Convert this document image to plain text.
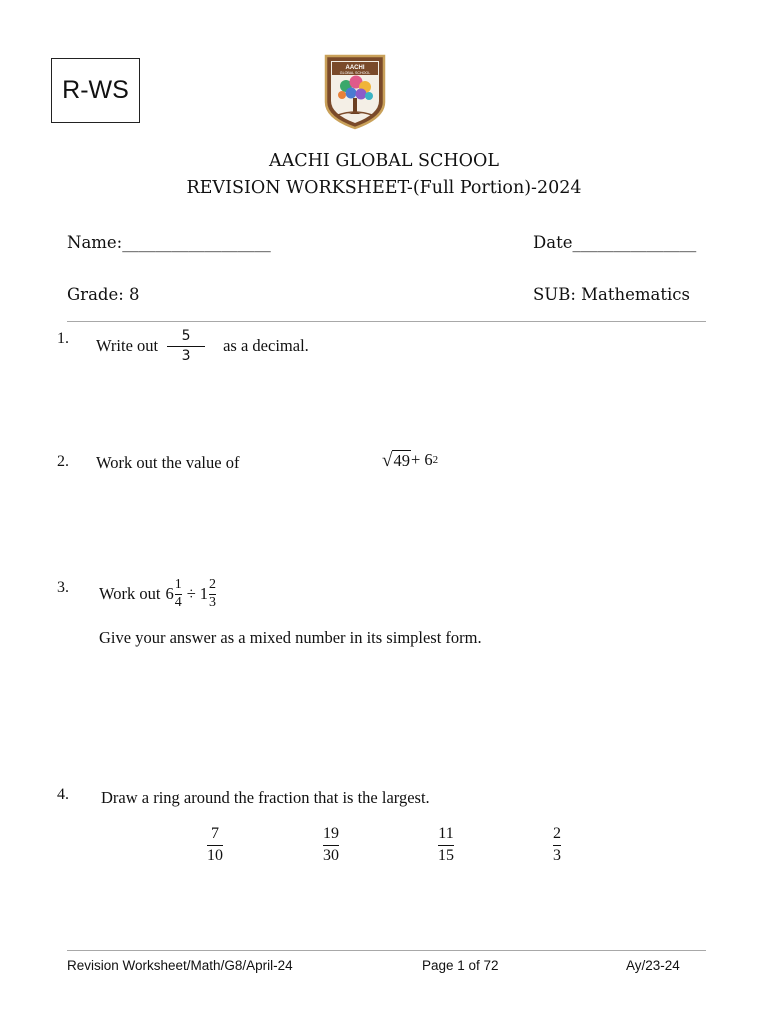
R-WS
AACHI
GLOBAL SCHOOL
AACHI GLOBAL SCHOOL
REVISION WORKSHEET-(Full Portion)-2024
Name:__________________	Date_______________
Grade: 8	SUB: Mathematics
1. Write out $\frac{5}{3}$ as a decimal.
2. Work out the value of	√ 49 + 6 2
3. Work out $6 \frac{1}{4} \div 1 \frac{2}{3}$
Give your answer as a mixed number in its simplest form.
4. Draw a ring around the fraction that is the largest.
7
10
19
30
11
15
2
3
Revision Worksheet/Math/G8/April-24	Page 1 of 72	Ay/23-24
